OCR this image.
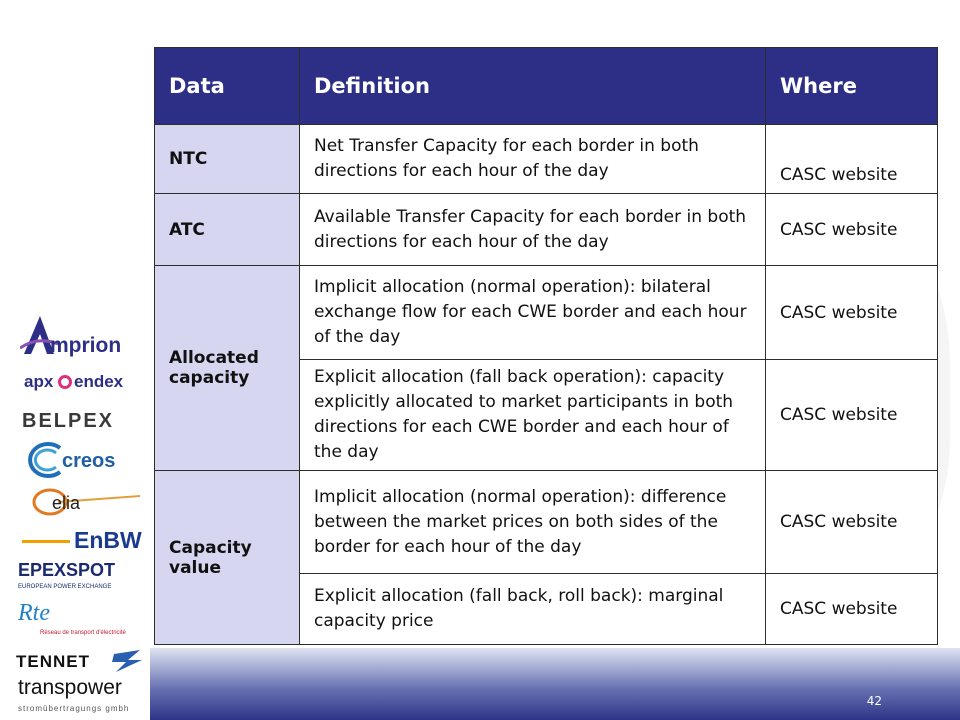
42
Data	Definition	Where
NTC	Net Transfer Capacity for each border in both directions for each hour of the day	CASC website
ATC	Available Transfer Capacity for each border in both directions for each hour of the day	CASC website
Allocated capacity	Implicit allocation (normal operation): bilateral exchange flow for each CWE border and each hour of the day	CASC website
	Explicit allocation (fall back operation): capacity explicitly allocated to market participants in both directions for each CWE border and each hour of the day	CASC website
Capacity value	Implicit allocation (normal operation): difference between the market prices on both sides of the border for each hour of the day	CASC website
	Explicit allocation (fall back, roll back): marginal capacity price	CASC website
mprion
apx endex
BELPEX
creos
elia
EnBW
EPEXSPOT
EUROPEAN POWER EXCHANGE
Rte
Réseau de transport d'électricité
TENNET
transpower
stromübertragungs gmbh
